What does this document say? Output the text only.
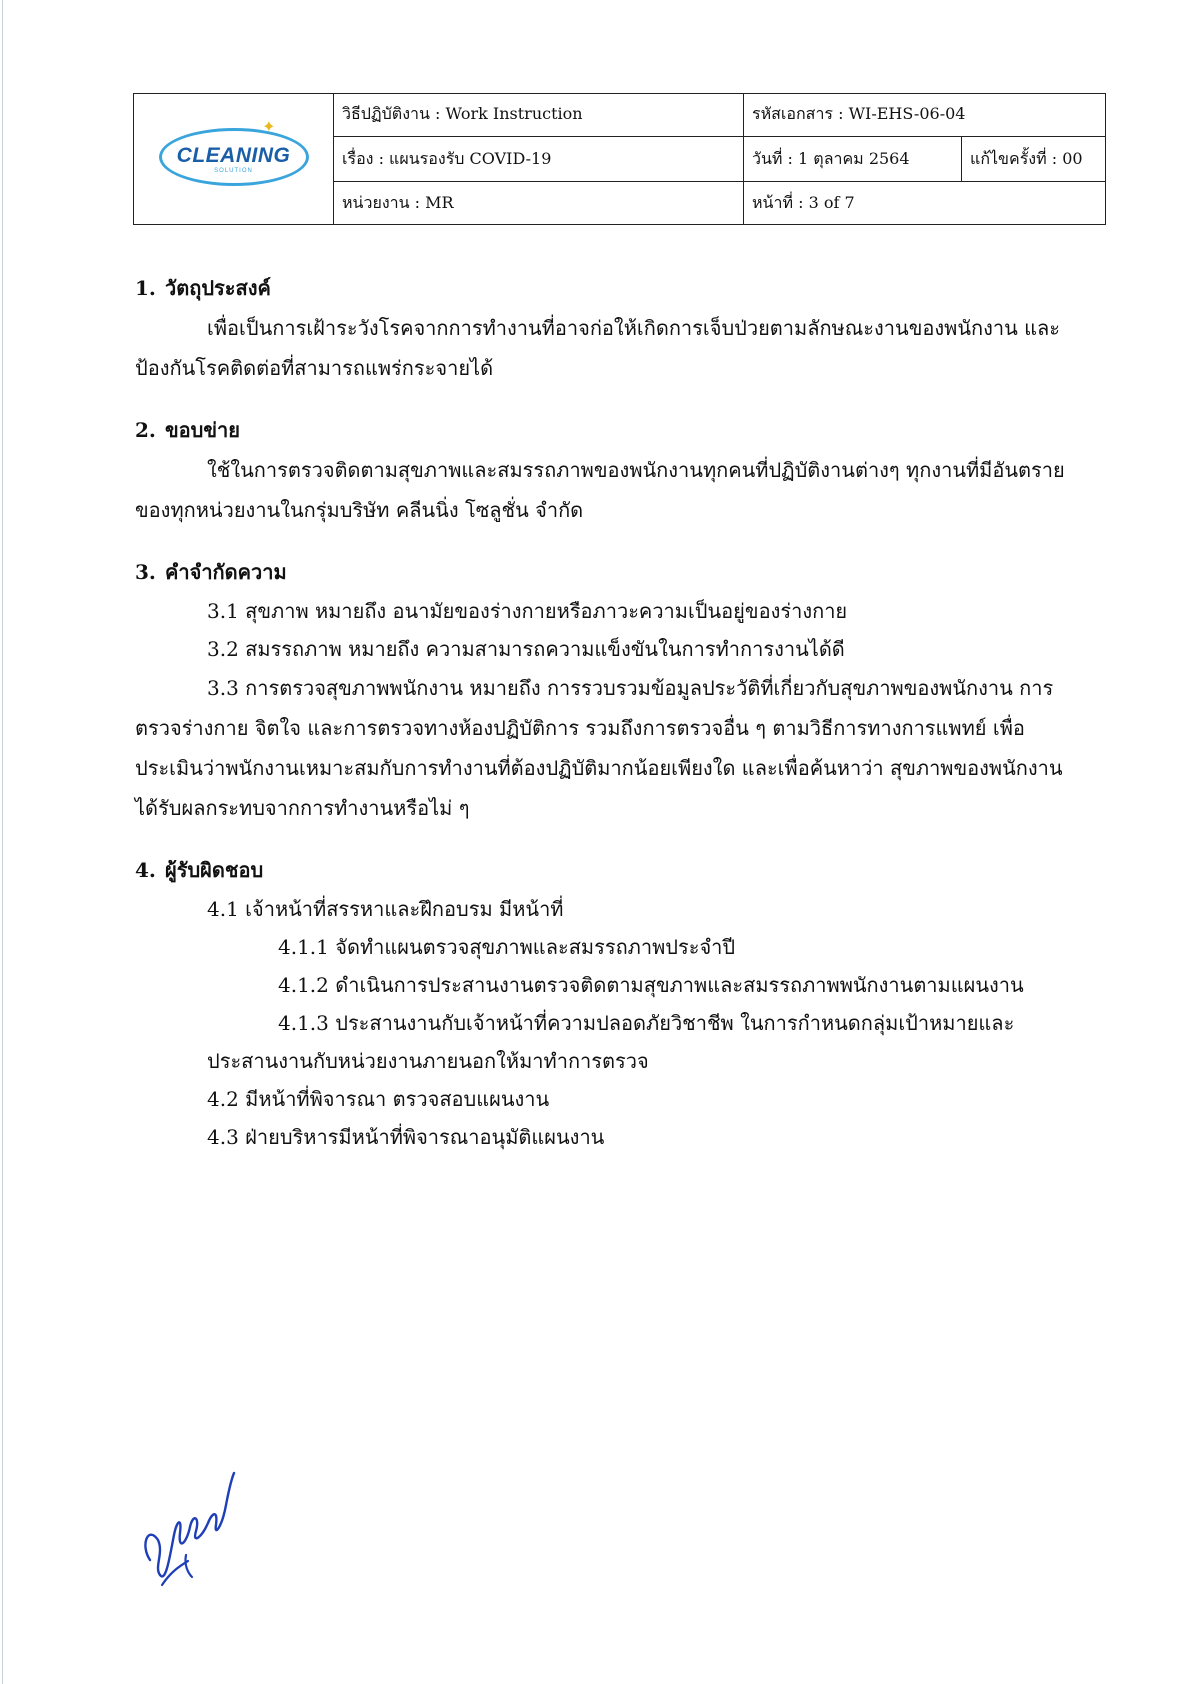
✦
CLEANING
SOLUTION	วิธีปฏิบัติงาน : Work Instruction	รหัสเอกสาร : WI-EHS-06-04	
	เรื่อง : แผนรองรับ COVID-19	วันที่ : 1 ตุลาคม 2564	แก้ไขครั้งที่ : 00
	หน่วยงาน : MR	หน้าที่ : 3 of 7	

1. วัตถุประสงค์

เพื่อเป็นการเฝ้าระวังโรคจากการทำงานที่อาจก่อให้เกิดการเจ็บป่วยตามลักษณะงานของพนักงาน และป้องกันโรคติดต่อที่สามารถแพร่กระจายได้

2. ขอบข่าย

ใช้ในการตรวจติดตามสุขภาพและสมรรถภาพของพนักงานทุกคนที่ปฏิบัติงานต่างๆ ทุกงานที่มีอันตรายของทุกหน่วยงานในกรุ่มบริษัท คลีนนิ่ง โซลูชั่น จำกัด

3. คำจำกัดความ

3.1 สุขภาพ หมายถึง อนามัยของร่างกายหรือภาวะความเป็นอยู่ของร่างกาย

3.2 สมรรถภาพ หมายถึง ความสามารถความแข็งขันในการทำการงานได้ดี

3.3 การตรวจสุขภาพพนักงาน หมายถึง การรวบรวมข้อมูลประวัติที่เกี่ยวกับสุขภาพของพนักงาน การตรวจร่างกาย จิตใจ และการตรวจทางห้องปฏิบัติการ รวมถึงการตรวจอื่น ๆ ตามวิธีการทางการแพทย์ เพื่อประเมินว่าพนักงานเหมาะสมกับการทำงานที่ต้องปฏิบัติมากน้อยเพียงใด และเพื่อค้นหาว่า สุขภาพของพนักงานได้รับผลกระทบจากการทำงานหรือไม่ ๆ

4. ผู้รับผิดชอบ

4.1 เจ้าหน้าที่สรรหาและฝึกอบรม มีหน้าที่

4.1.1 จัดทำแผนตรวจสุขภาพและสมรรถภาพประจำปี

4.1.2 ดำเนินการประสานงานตรวจติดตามสุขภาพและสมรรถภาพพนักงานตามแผนงาน

4.1.3 ประสานงานกับเจ้าหน้าที่ความปลอดภัยวิชาชีพ ในการกำหนดกลุ่มเป้าหมายและ

ประสานงานกับหน่วยงานภายนอกให้มาทำการตรวจ

4.2 มีหน้าที่พิจารณา ตรวจสอบแผนงาน

4.3 ฝ่ายบริหารมีหน้าที่พิจารณาอนุมัติแผนงาน
